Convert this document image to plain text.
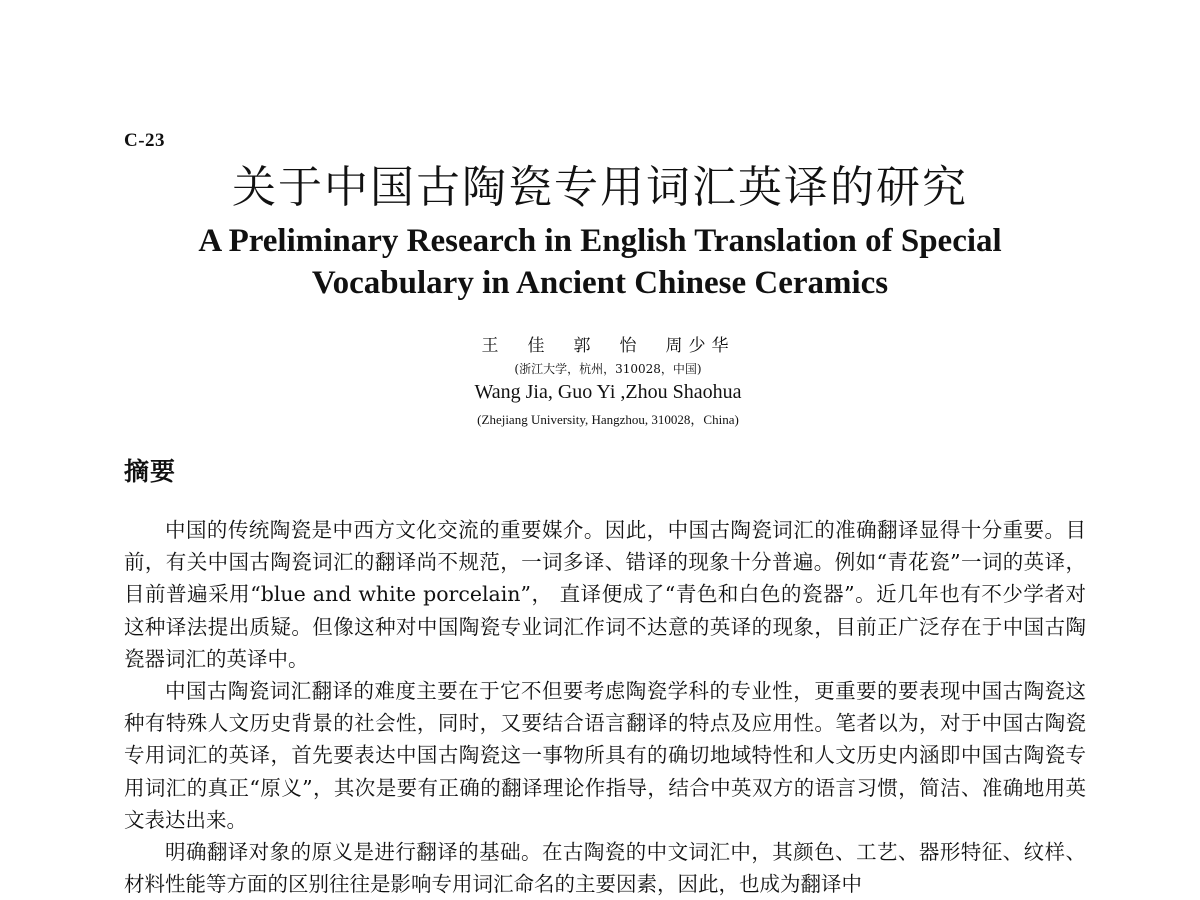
C-23
关于中国古陶瓷专用词汇英译的研究
A Preliminary Research in English Translation of Special
Vocabulary in Ancient Chinese Ceramics
王　佳　郭　怡　周少华
(浙江大学，杭州，310028，中国)
Wang Jia, Guo Yi ,Zhou Shaohua
(Zhejiang University, Hangzhou, 310028，China)
摘要

中国的传统陶瓷是中西方文化交流的重要媒介。因此，中国古陶瓷词汇的准确翻译显得十分重要。目前，有关中国古陶瓷词汇的翻译尚不规范，一词多译、错译的现象十分普遍。例如“青花瓷”一词的英译，目前普遍采用“blue and white porcelain”， 直译便成了“青色和白色的瓷器”。近几年也有不少学者对这种译法提出质疑。但像这种对中国陶瓷专业词汇作词不达意的英译的现象，目前正广泛存在于中国古陶瓷器词汇的英译中。

中国古陶瓷词汇翻译的难度主要在于它不但要考虑陶瓷学科的专业性，更重要的要表现中国古陶瓷这种有特殊人文历史背景的社会性，同时，又要结合语言翻译的特点及应用性。笔者以为，对于中国古陶瓷专用词汇的英译，首先要表达中国古陶瓷这一事物所具有的确切地域特性和人文历史内涵即中国古陶瓷专用词汇的真正“原义”，其次是要有正确的翻译理论作指导，结合中英双方的语言习惯，简洁、准确地用英文表达出来。

明确翻译对象的原义是进行翻译的基础。在古陶瓷的中文词汇中，其颜色、工艺、器形特征、纹样、材料性能等方面的区别往往是影响专用词汇命名的主要因素，因此，也成为翻译中
